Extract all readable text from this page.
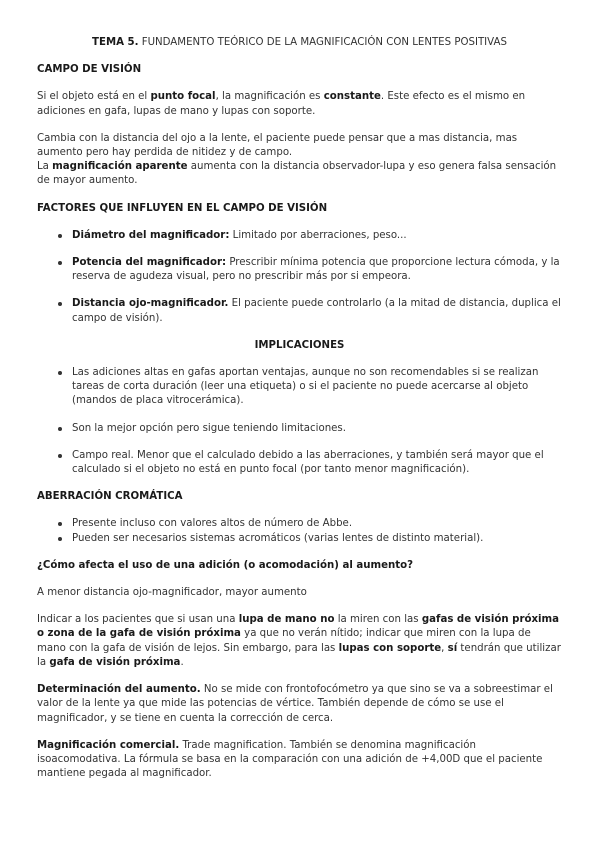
TEMA 5. FUNDAMENTO TEÓRICO DE LA MAGNIFICACIÓN CON LENTES POSITIVAS
CAMPO DE VISIÓN

Si el objeto está en el punto focal, la magnificación es constante. Este efecto es el mismo en adiciones en gafa, lupas de mano y lupas con soporte.

Cambia con la distancia del ojo a la lente, el paciente puede pensar que a mas distancia, mas aumento pero hay perdida de nitidez y de campo.
La magnificación aparente aumenta con la distancia observador-lupa y eso genera falsa sensación de mayor aumento.

FACTORES QUE INFLUYEN EN EL CAMPO DE VISIÓN
Diámetro del magnificador: Limitado por aberraciones, peso...
Potencia del magnificador: Prescribir mínima potencia que proporcione lectura cómoda, y la reserva de agudeza visual, pero no prescribir más por si empeora.
Distancia ojo-magnificador. El paciente puede controlarlo (a la mitad de distancia, duplica el campo de visión).
IMPLICACIONES
Las adiciones altas en gafas aportan ventajas, aunque no son recomendables si se realizan tareas de corta duración (leer una etiqueta) o si el paciente no puede acercarse al objeto (mandos de placa vitrocerámica).
Son la mejor opción pero sigue teniendo limitaciones.
Campo real. Menor que el calculado debido a las aberraciones, y también será mayor que el calculado si el objeto no está en punto focal (por tanto menor magnificación).
ABERRACIÓN CROMÁTICA
Presente incluso con valores altos de número de Abbe.
Pueden ser necesarios sistemas acromáticos (varias lentes de distinto material).
¿Cómo afecta el uso de una adición (o acomodación) al aumento?

A menor distancia ojo-magnificador, mayor aumento

Indicar a los pacientes que si usan una lupa de mano no la miren con las gafas de visión próxima o zona de la gafa de visión próxima ya que no verán nítido; indicar que miren con la lupa de mano con la gafa de visión de lejos. Sin embargo, para las lupas con soporte, sí tendrán que utilizar la gafa de visión próxima.

Determinación del aumento. No se mide con frontofocómetro ya que sino se va a sobreestimar el valor de la lente ya que mide las potencias de vértice. También depende de cómo se use el magnificador, y se tiene en cuenta la corrección de cerca.

Magnificación comercial. Trade magnification. También se denomina magnificación isoacomodativa. La fórmula se basa en la comparación con una adición de +4,00D que el paciente mantiene pegada al magnificador.
